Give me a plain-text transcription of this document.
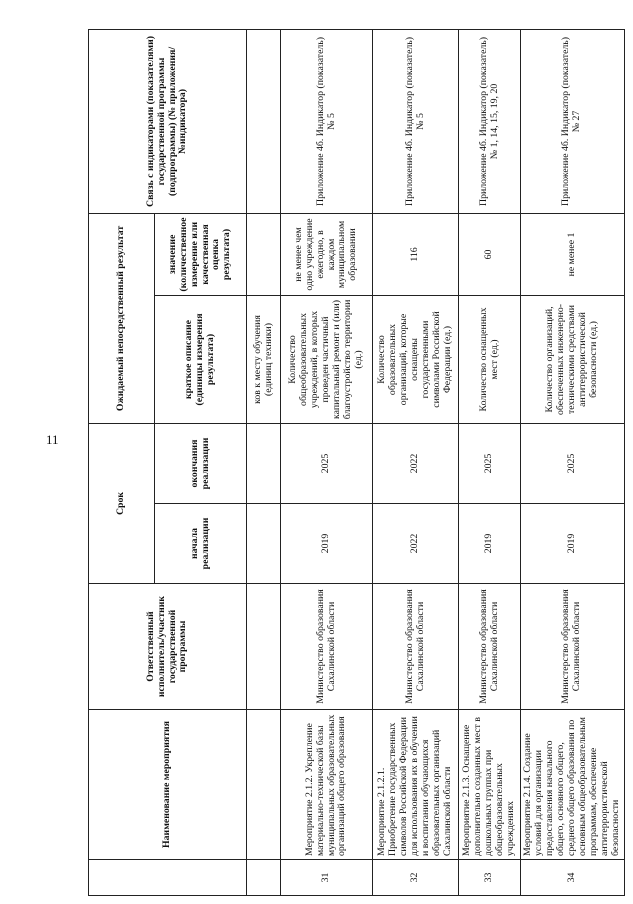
11
	Наименование мероприятия	Ответственный исполнитель/участник государственной программы	Срок		Ожидаемый непосредственный результат		Связь с индикаторами (показателями) государственной программы (подпрограммы) (№ приложения/№индикатора)
			начала реализации	окончания реализации	краткое описание (единицы измерения результата)	значение (количественное измерение или качественная оценка результата)	
					ков к месту обучения (единиц техники)		
31	Мероприятие 2.1.2. Укрепление материально-технической базы муниципальных образовательных организаций общего образования	Министерство образования Сахалинской области	2019	2025	Количество общеобразовательных учреждений, в которых проведен частичный капитальный ремонт и (или) благоустройство территории (ед.)	не менее чем одно учреждение ежегодно, в каждом муниципальном образовании	Приложение 4б. Индикатор (показатель) № 5
32	Мероприятие 2.1.2.1. Приобретение государственных символов Российской Федерации для использования их в обучении и воспитании обучающихся образовательных организаций Сахалинской области	Министерство образования Сахалинской области	2022	2022	Количество образовательных организаций, которые оснащены государственными символами Российской Федерации (ед.)	116	Приложение 4б. Индикатор (показатель) № 5
33	Мероприятие 2.1.3. Оснащение дополнительно созданных мест в дошкольных группах при общеобразовательных учреждениях	Министерство образования Сахалинской области	2019	2025	Количество оснащенных мест (ед.)	60	Приложение 4б. Индикатор (показатель) № 1, 14, 15, 19, 20
34	Мероприятие 2.1.4. Создание условий для организации предоставления начального общего, основного общего, среднего общего образования по основным общеобразовательным программам, обеспечение антитеррористической безопасности	Министерство образования Сахалинской области	2019	2025	Количество организаций, обеспеченных инженерно-техническими средствами антитеррористической безопасности (ед.)	не менее 1	Приложение 4б. Индикатор (показатель) № 27
